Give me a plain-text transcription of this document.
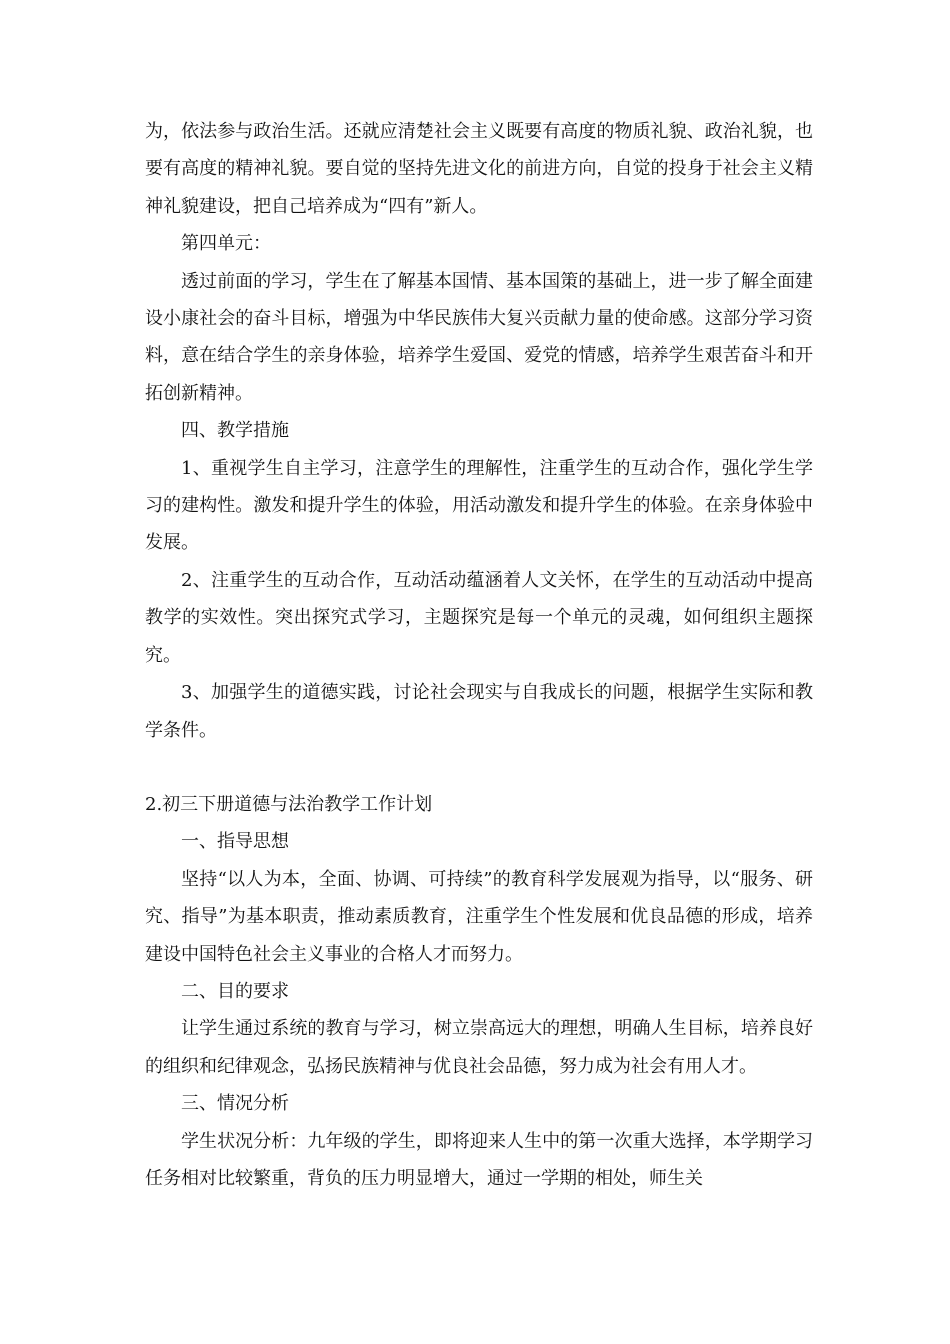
为，依法参与政治生活。还就应清楚社会主义既要有高度的物质礼貌、政治礼貌，也要有高度的精神礼貌。要自觉的坚持先进文化的前进方向，自觉的投身于社会主义精神礼貌建设，把自己培养成为“四有”新人。

第四单元：

透过前面的学习，学生在了解基本国情、基本国策的基础上，进一步了解全面建设小康社会的奋斗目标，增强为中华民族伟大复兴贡献力量的使命感。这部分学习资料，意在结合学生的亲身体验，培养学生爱国、爱党的情感，培养学生艰苦奋斗和开拓创新精神。

四、教学措施

1、重视学生自主学习，注意学生的理解性，注重学生的互动合作，强化学生学习的建构性。激发和提升学生的体验，用活动激发和提升学生的体验。在亲身体验中发展。

2、注重学生的互动合作，互动活动蕴涵着人文关怀，在学生的互动活动中提高教学的实效性。突出探究式学习，主题探究是每一个单元的灵魂，如何组织主题探究。

3、加强学生的道德实践，讨论社会现实与自我成长的问题，根据学生实际和教学条件。

2.初三下册道德与法治教学工作计划

一、指导思想

坚持“以人为本，全面、协调、可持续”的教育科学发展观为指导，以“服务、研究、指导”为基本职责，推动素质教育，注重学生个性发展和优良品德的形成，培养建设中国特色社会主义事业的合格人才而努力。

二、目的要求

让学生通过系统的教育与学习，树立崇高远大的理想，明确人生目标，培养良好的组织和纪律观念，弘扬民族精神与优良社会品德，努力成为社会有用人才。

三、情况分析

学生状况分析：九年级的学生，即将迎来人生中的第一次重大选择，本学期学习任务相对比较繁重，背负的压力明显增大，通过一学期的相处，师生关
